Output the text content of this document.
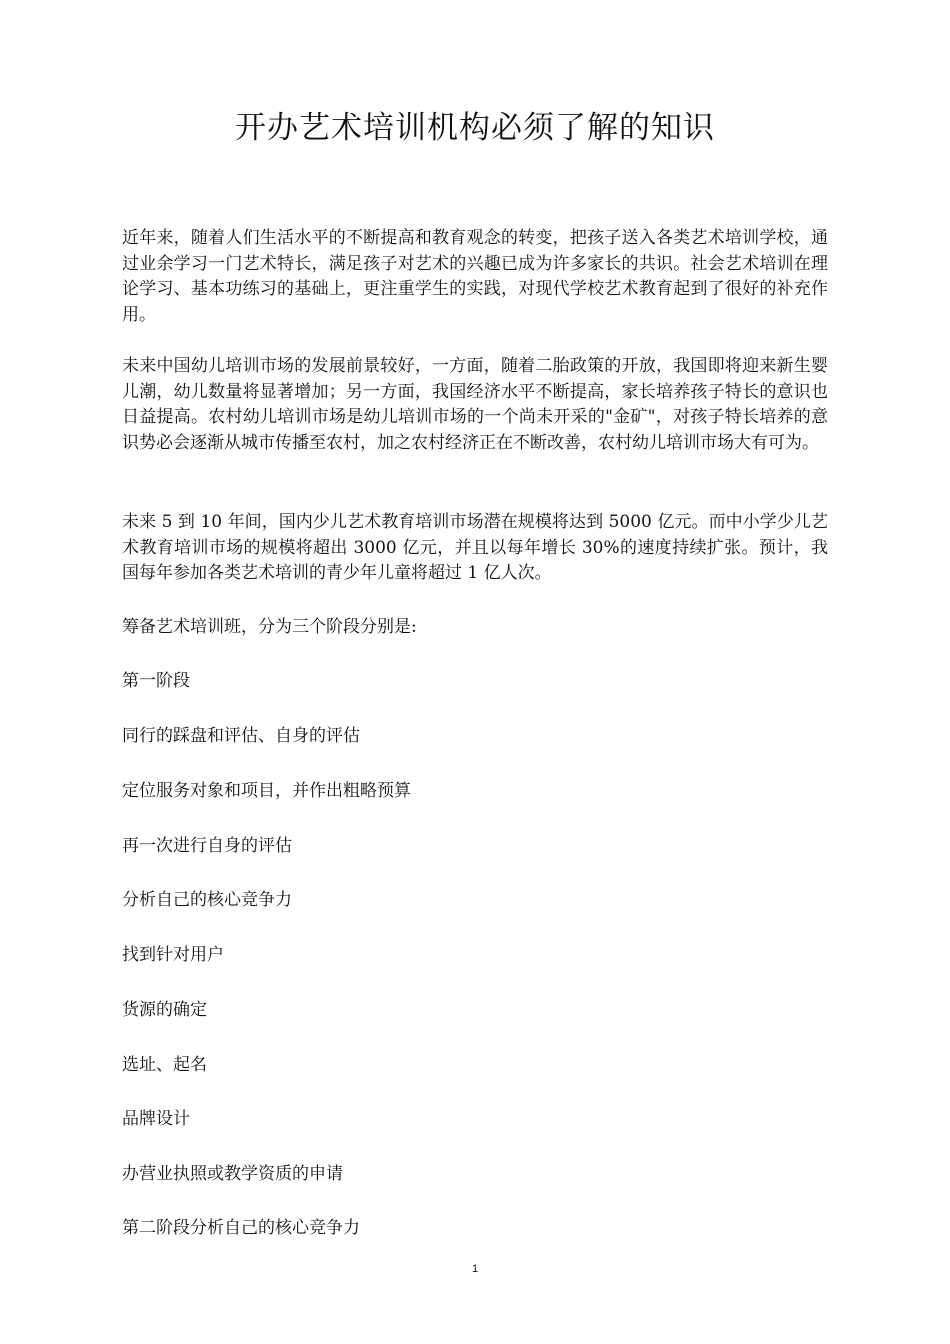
开办艺术培训机构必须了解的知识

近年来，随着人们生活水平的不断提高和教育观念的转变，把孩子送入各类艺术培训学校，通过业余学习一门艺术特长，满足孩子对艺术的兴趣已成为许多家长的共识。社会艺术培训在理论学习、基本功练习的基础上，更注重学生的实践，对现代学校艺术教育起到了很好的补充作用。

未来中国幼儿培训市场的发展前景较好，一方面，随着二胎政策的开放，我国即将迎来新生婴儿潮，幼儿数量将显著增加；另一方面，我国经济水平不断提高，家长培养孩子特长的意识也日益提高。农村幼儿培训市场是幼儿培训市场的一个尚未开采的"金矿"，对孩子特长培养的意识势必会逐渐从城市传播至农村，加之农村经济正在不断改善，农村幼儿培训市场大有可为。

未来 5 到 10 年间，国内少儿艺术教育培训市场潜在规模将达到 5000 亿元。而中小学少儿艺术教育培训市场的规模将超出 3000 亿元，并且以每年增长 30%的速度持续扩张。预计，我国每年参加各类艺术培训的青少年儿童将超过 1 亿人次。

筹备艺术培训班，分为三个阶段分别是:

第一阶段

同行的踩盘和评估、自身的评估

定位服务对象和项目，并作出粗略预算

再一次进行自身的评估

分析自己的核心竞争力

找到针对用户

货源的确定

选址、起名

品牌设计

办营业执照或教学资质的申请

第二阶段分析自己的核心竞争力

1
